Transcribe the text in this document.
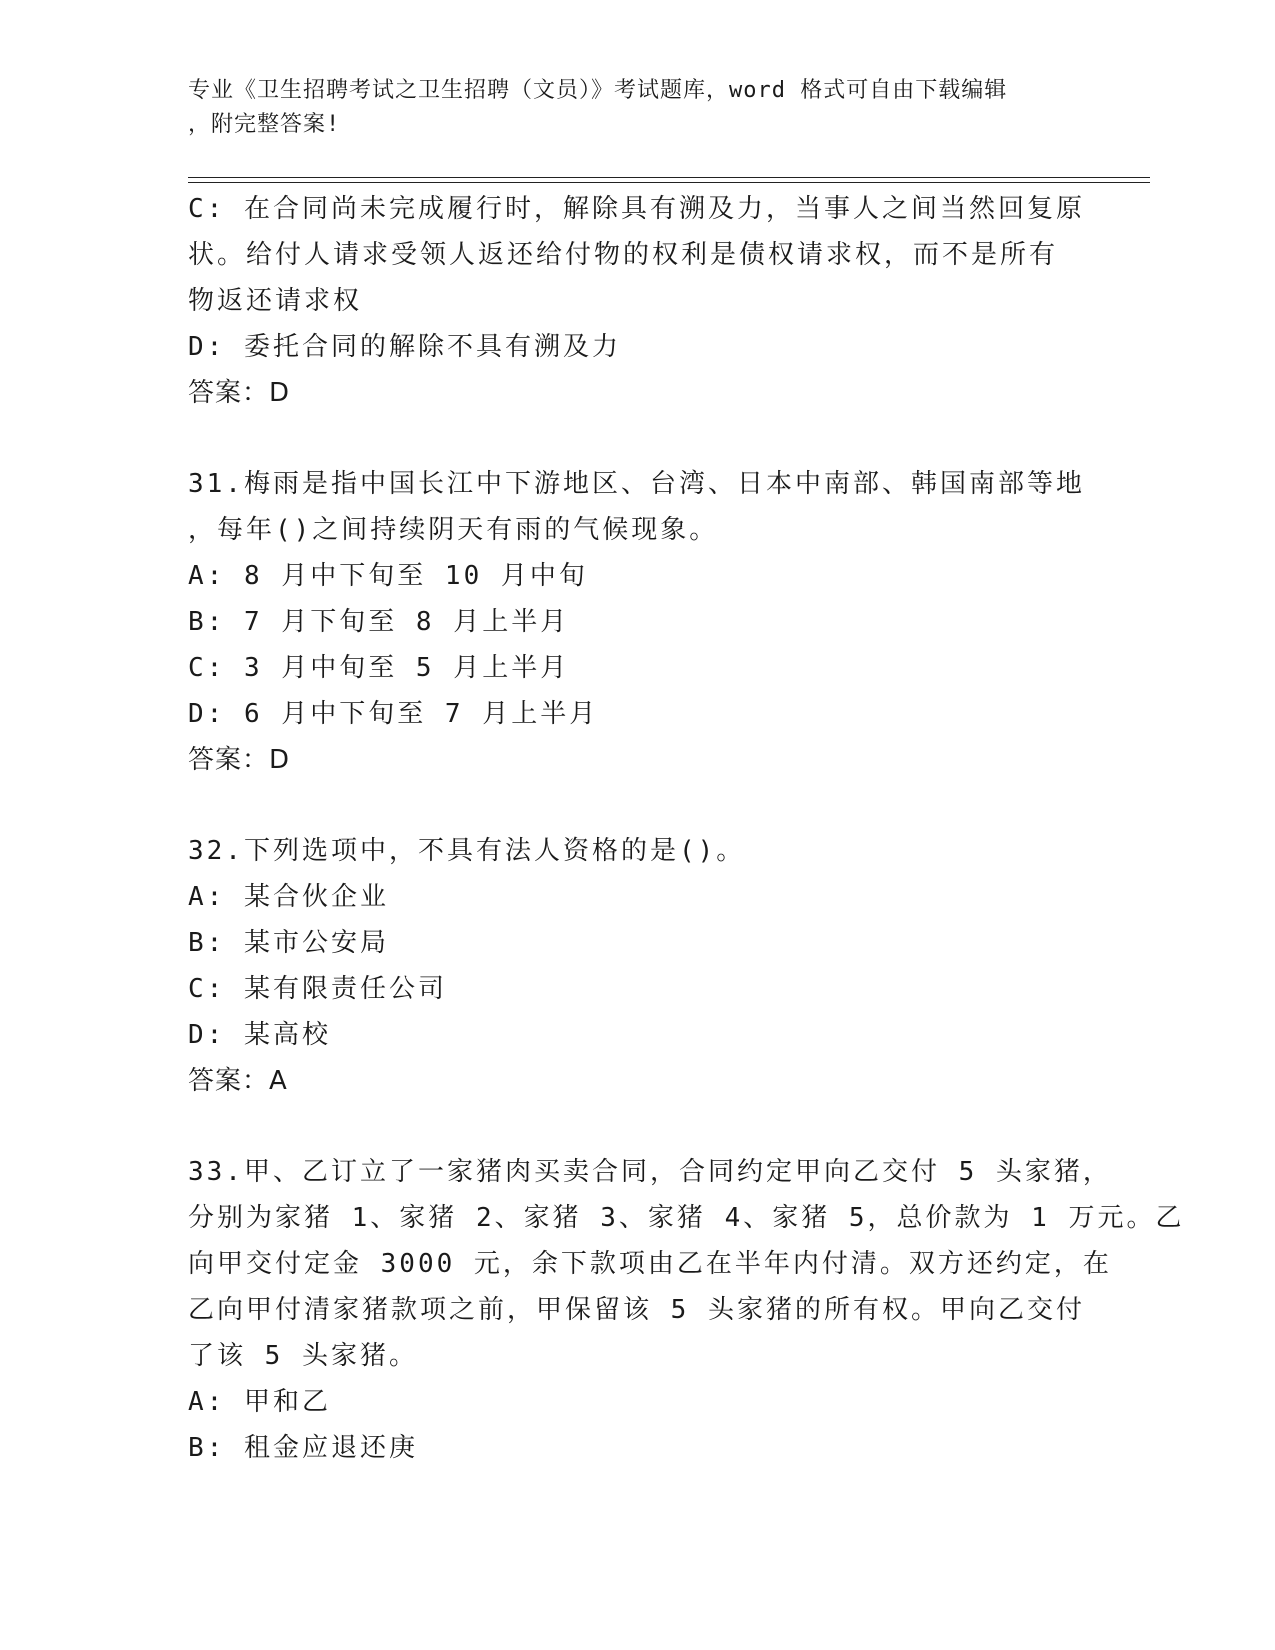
专业《卫生招聘考试之卫生招聘（文员）》考试题库，word 格式可自由下载编辑
，附完整答案!
C: 在合同尚未完成履行时，解除具有溯及力，当事人之间当然回复原
状。给付人请求受领人返还给付物的权利是债权请求权，而不是所有
物返还请求权
D: 委托合同的解除不具有溯及力
答案：D
31.梅雨是指中国长江中下游地区、台湾、日本中南部、韩国南部等地
，每年()之间持续阴天有雨的气候现象。
A: 8 月中下旬至 10 月中旬
B: 7 月下旬至 8 月上半月
C: 3 月中旬至 5 月上半月
D: 6 月中下旬至 7 月上半月
答案：D
32.下列选项中，不具有法人资格的是()。
A: 某合伙企业
B: 某市公安局
C: 某有限责任公司
D: 某高校
答案：A
33.甲、乙订立了一家猪肉买卖合同，合同约定甲向乙交付 5 头家猪，
分别为家猪 1、家猪 2、家猪 3、家猪 4、家猪 5，总价款为 1 万元。乙
向甲交付定金 3000 元，余下款项由乙在半年内付清。双方还约定，在
乙向甲付清家猪款项之前，甲保留该 5 头家猪的所有权。甲向乙交付
了该 5 头家猪。
A: 甲和乙
B: 租金应退还庚
